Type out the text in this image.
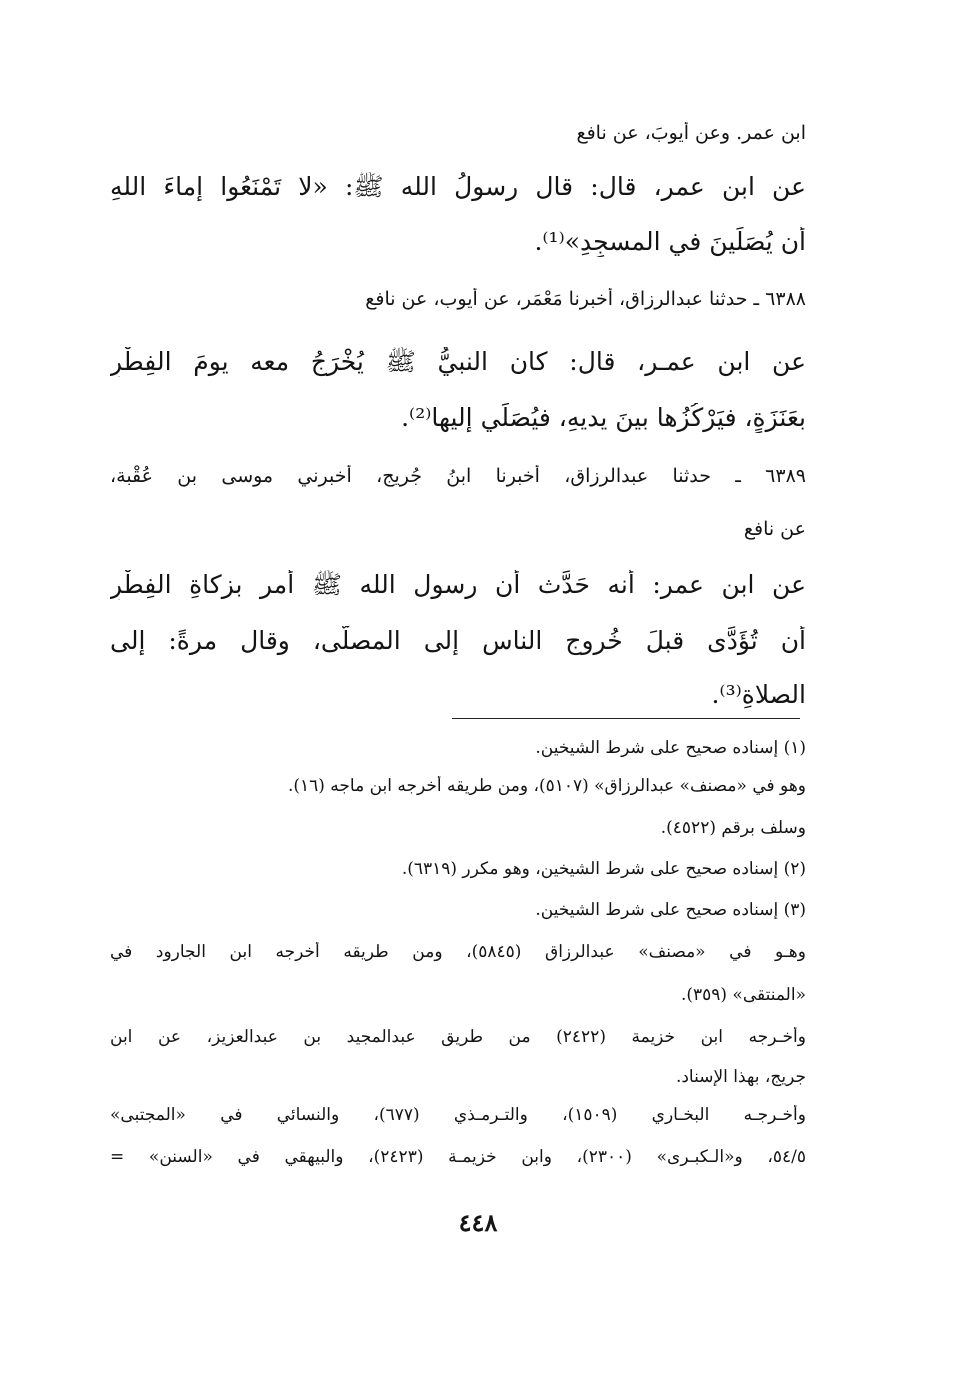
ابن عمر. وعن أيوبَ، عن نافع
عن ابن عمر، قال: قال رسولُ الله ﷺ: «لا تَمْنَعُوا إماءَ اللهِ
أن يُصَلِّينَ في المسجِدِ»⁽¹⁾.
٦٣٨٨ ـ حدثنا عبدالرزاق، أخبرنا مَعْمَر، عن أيوب، عن نافع
عن ابن عمـر، قال: كان النبيُّ ﷺ يُخْرَجُ معه يومَ الفِطْرِ
بعَنَزَةٍ، فيَرْكُزُها بينَ يديهِ، فيُصَلِّي إليها⁽²⁾.
٦٣٨٩ ـ حدثنا عبدالرزاق، أخبرنا ابنُ جُريج، أخبرني موسى بن عُقْبة،
عن نافع
عن ابن عمر: أنه حَدَّث أن رسول الله ﷺ أَمر بزكاةِ الفِطْرِ
أن تُؤَدَّى قبلَ خُروجِ الناسِ إلى المصلَّى، وقال مرةً: إلى
الصلاةِ⁽³⁾.
(١) إسناده صحيح على شرط الشيخين.
وهو في «مصنف» عبدالرزاق» (٥١٠٧)، ومن طريقه أخرجه ابن ماجه (١٦).
وسلف برقم (٤٥٢٢).
(٢) إسناده صحيح على شرط الشيخين، وهو مكرر (٦٣١٩).
(٣) إسناده صحيح على شرط الشيخين.
وهـو في «مصنف» عبدالرزاق (٥٨٤٥)، ومن طريقه أخرجه ابن الجارود في
«المنتقى» (٣٥٩).
وأخـرجه ابن خزيمة (٢٤٢٢) من طريق عبدالمجيد بن عبدالعزيز، عن ابن
جريج، بهذا الإسناد.
وأخـرجـه البخـاري (١٥٠٩)، والتـرمـذي (٦٧٧)، والنسائي في «المجتبى»
٥٤/٥، و«الـكبـرى» (٢٣٠٠)، وابن خزيمـة (٢٤٢٣)، والبيهقي في «السنن» =
٤٤٨
